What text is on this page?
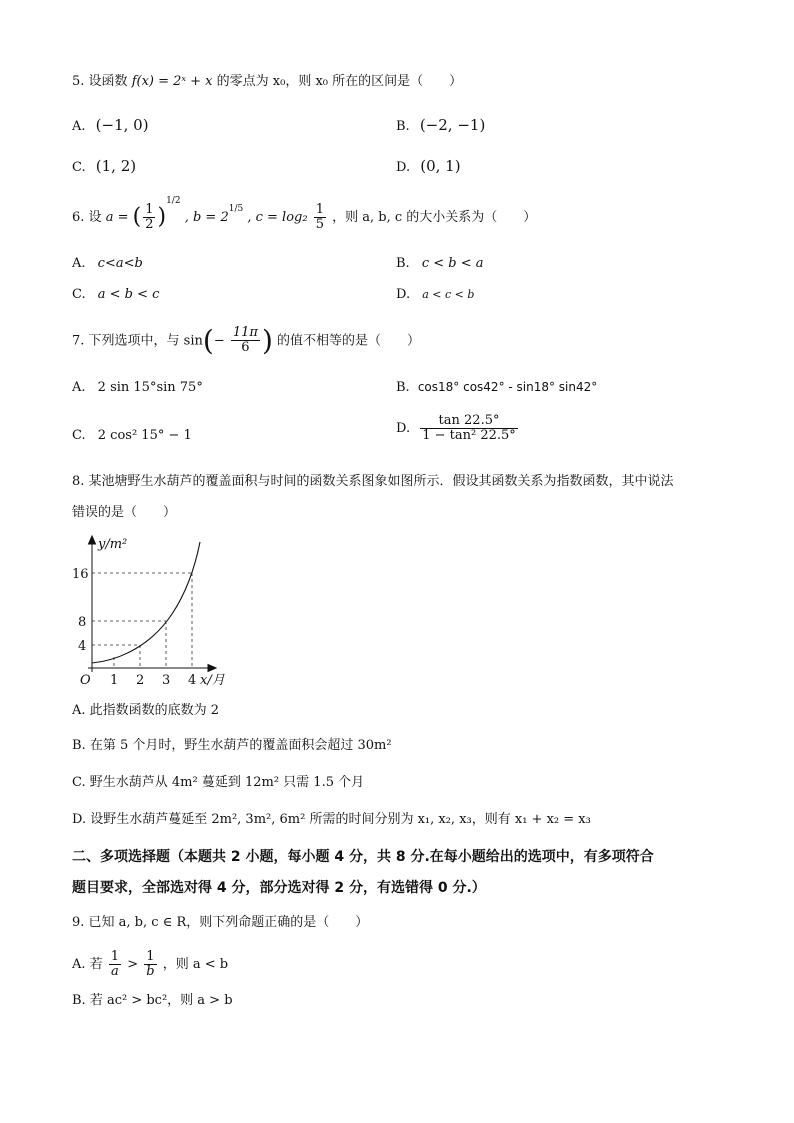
5. 设函数 f(x) = 2ˣ + x 的零点为 x₀，则 x₀ 所在的区间是（　　）
A. (−1, 0)	B. (−2, −1)
C. (1, 2)	D. (0, 1)
6. 设 a = ( $\frac{1}{2} )^{1/2}$ , $b = 2^{1/5}$ , $c = \log_2 \frac{1}{5}$ ，则 a, b, c 的大小关系为（　　）
A. c<a<b	B. c < b < a
C. a < b < c	D. a < c < b
7. 下列选项中，与 $\sin(- \frac{11\pi}{6}$ ) 的值不相等的是（　　）
A. 2 sin 15°sin 75°	B. cos18° cos42° - sin18° sin42°
C. 2 cos² 15° − 1	D. $\frac{\tan 22.5^\circ}{\text{1 − tan² 22.5°}}$
8. 某池塘野生水葫芦的覆盖面积与时间的函数关系图象如图所示．假设其函数关系为指数函数，其中说法
错误的是（　　）
y/m²
x/月
O 1 2 3 4
4
8
16
A. 此指数函数的底数为 2
B. 在第 5 个月时，野生水葫芦的覆盖面积会超过 30m²
C. 野生水葫芦从 4m² 蔓延到 12m² 只需 1.5 个月
D. 设野生水葫芦蔓延至 2m², 3m², 6m² 所需的时间分别为 x₁, x₂, x₃，则有 x₁ + x₂ = x₃
二、多项选择题（本题共 2 小题，每小题 4 分，共 8 分.在每小题给出的选项中，有多项符合
题目要求，全部选对得 4 分，部分选对得 2 分，有选错得 0 分.）
9. 已知 a, b, c ∈ R，则下列命题正确的是（　　）
A. 若 $\frac{1}{a} > \frac{1}{b}$ ，则 a < b
B. 若 ac² > bc²，则 a > b
